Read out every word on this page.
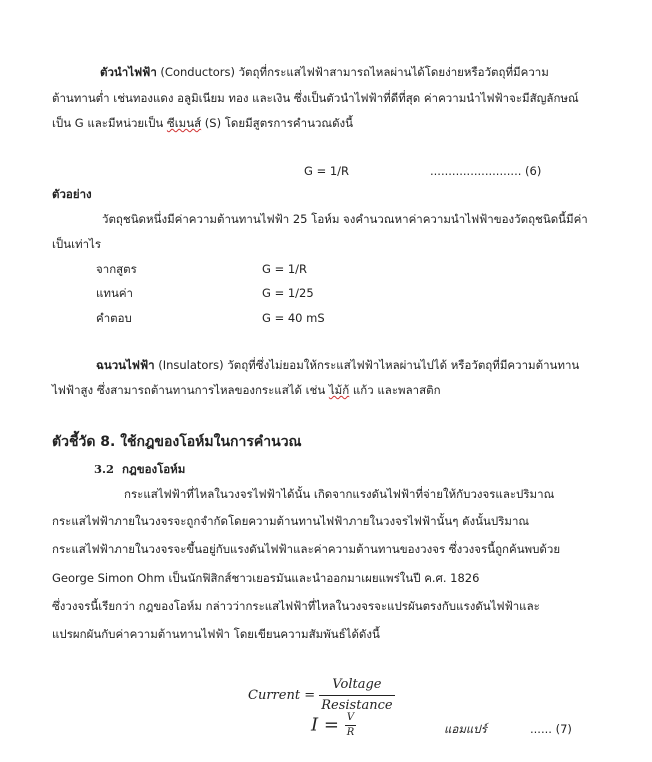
ตัวนำไฟฟ้า (Conductors) วัตถุที่กระแสไฟฟ้าสามารถไหลผ่านได้โดยง่ายหรือวัตถุที่มีความ
ต้านทานต่ำ เช่นทองแดง อลูมิเนียม ทอง และเงิน ซึ่งเป็นตัวนำไฟฟ้าที่ดีที่สุด ค่าความนำไฟฟ้าจะมีสัญลักษณ์
เป็น G และมีหน่วยเป็น ซีเมนส์ (S) โดยมีสูตรการคำนวณดังนี้
G = 1/R	......................... (6)
ตัวอย่าง
วัตถุชนิดหนึ่งมีค่าความต้านทานไฟฟ้า 25 โอห์ม จงคำนวณหาค่าความนำไฟฟ้าของวัตถุชนิดนี้มีค่า
เป็นเท่าไร
จากสูตร	G = 1/R
แทนค่า	G = 1/25
คำตอบ	G = 40 mS
ฉนวนไฟฟ้า (Insulators) วัตถุที่ซึ่งไม่ยอมให้กระแสไฟฟ้าไหลผ่านไปได้ หรือวัตถุที่มีความต้านทาน
ไฟฟ้าสูง ซึ่งสามารถต้านทานการไหลของกระแสได้ เช่น ไม้ก้ แก้ว และพลาสติก
ตัวชี้วัด 8. ใช้กฎของโอห์มในการคำนวณ
3.2 กฎของโอห์ม
กระแสไฟฟ้าที่ไหลในวงจรไฟฟ้าได้นั้น เกิดจากแรงดันไฟฟ้าที่จ่ายให้กับวงจรและปริมาณ
กระแสไฟฟ้าภายในวงจรจะถูกจำกัดโดยความต้านทานไฟฟ้าภายในวงจรไฟฟ้านั้นๆ ดังนั้นปริมาณ
กระแสไฟฟ้าภายในวงจรจะขึ้นอยู่กับแรงดันไฟฟ้าและค่าความต้านทานของวงจร ซึ่งวงจรนี้ถูกค้นพบด้วย
George Simon Ohm เป็นนักฟิสิกส์ชาวเยอรมันและนำออกมาเผยแพร่ในปี ค.ศ. 1826
ซึ่งวงจรนี้เรียกว่า กฎของโอห์ม กล่าวว่ากระแสไฟฟ้าที่ไหลในวงจรจะแปรผันตรงกับแรงดันไฟฟ้าและ
แปรผกผันกับค่าความต้านทานไฟฟ้า โดยเขียนความสัมพันธ์ได้ดังนี้
Current = $\frac{\text{Voltage}}{\text{Resistance}}$
$I = \frac{V}{R}$	แอมแปร์	...... (7)
